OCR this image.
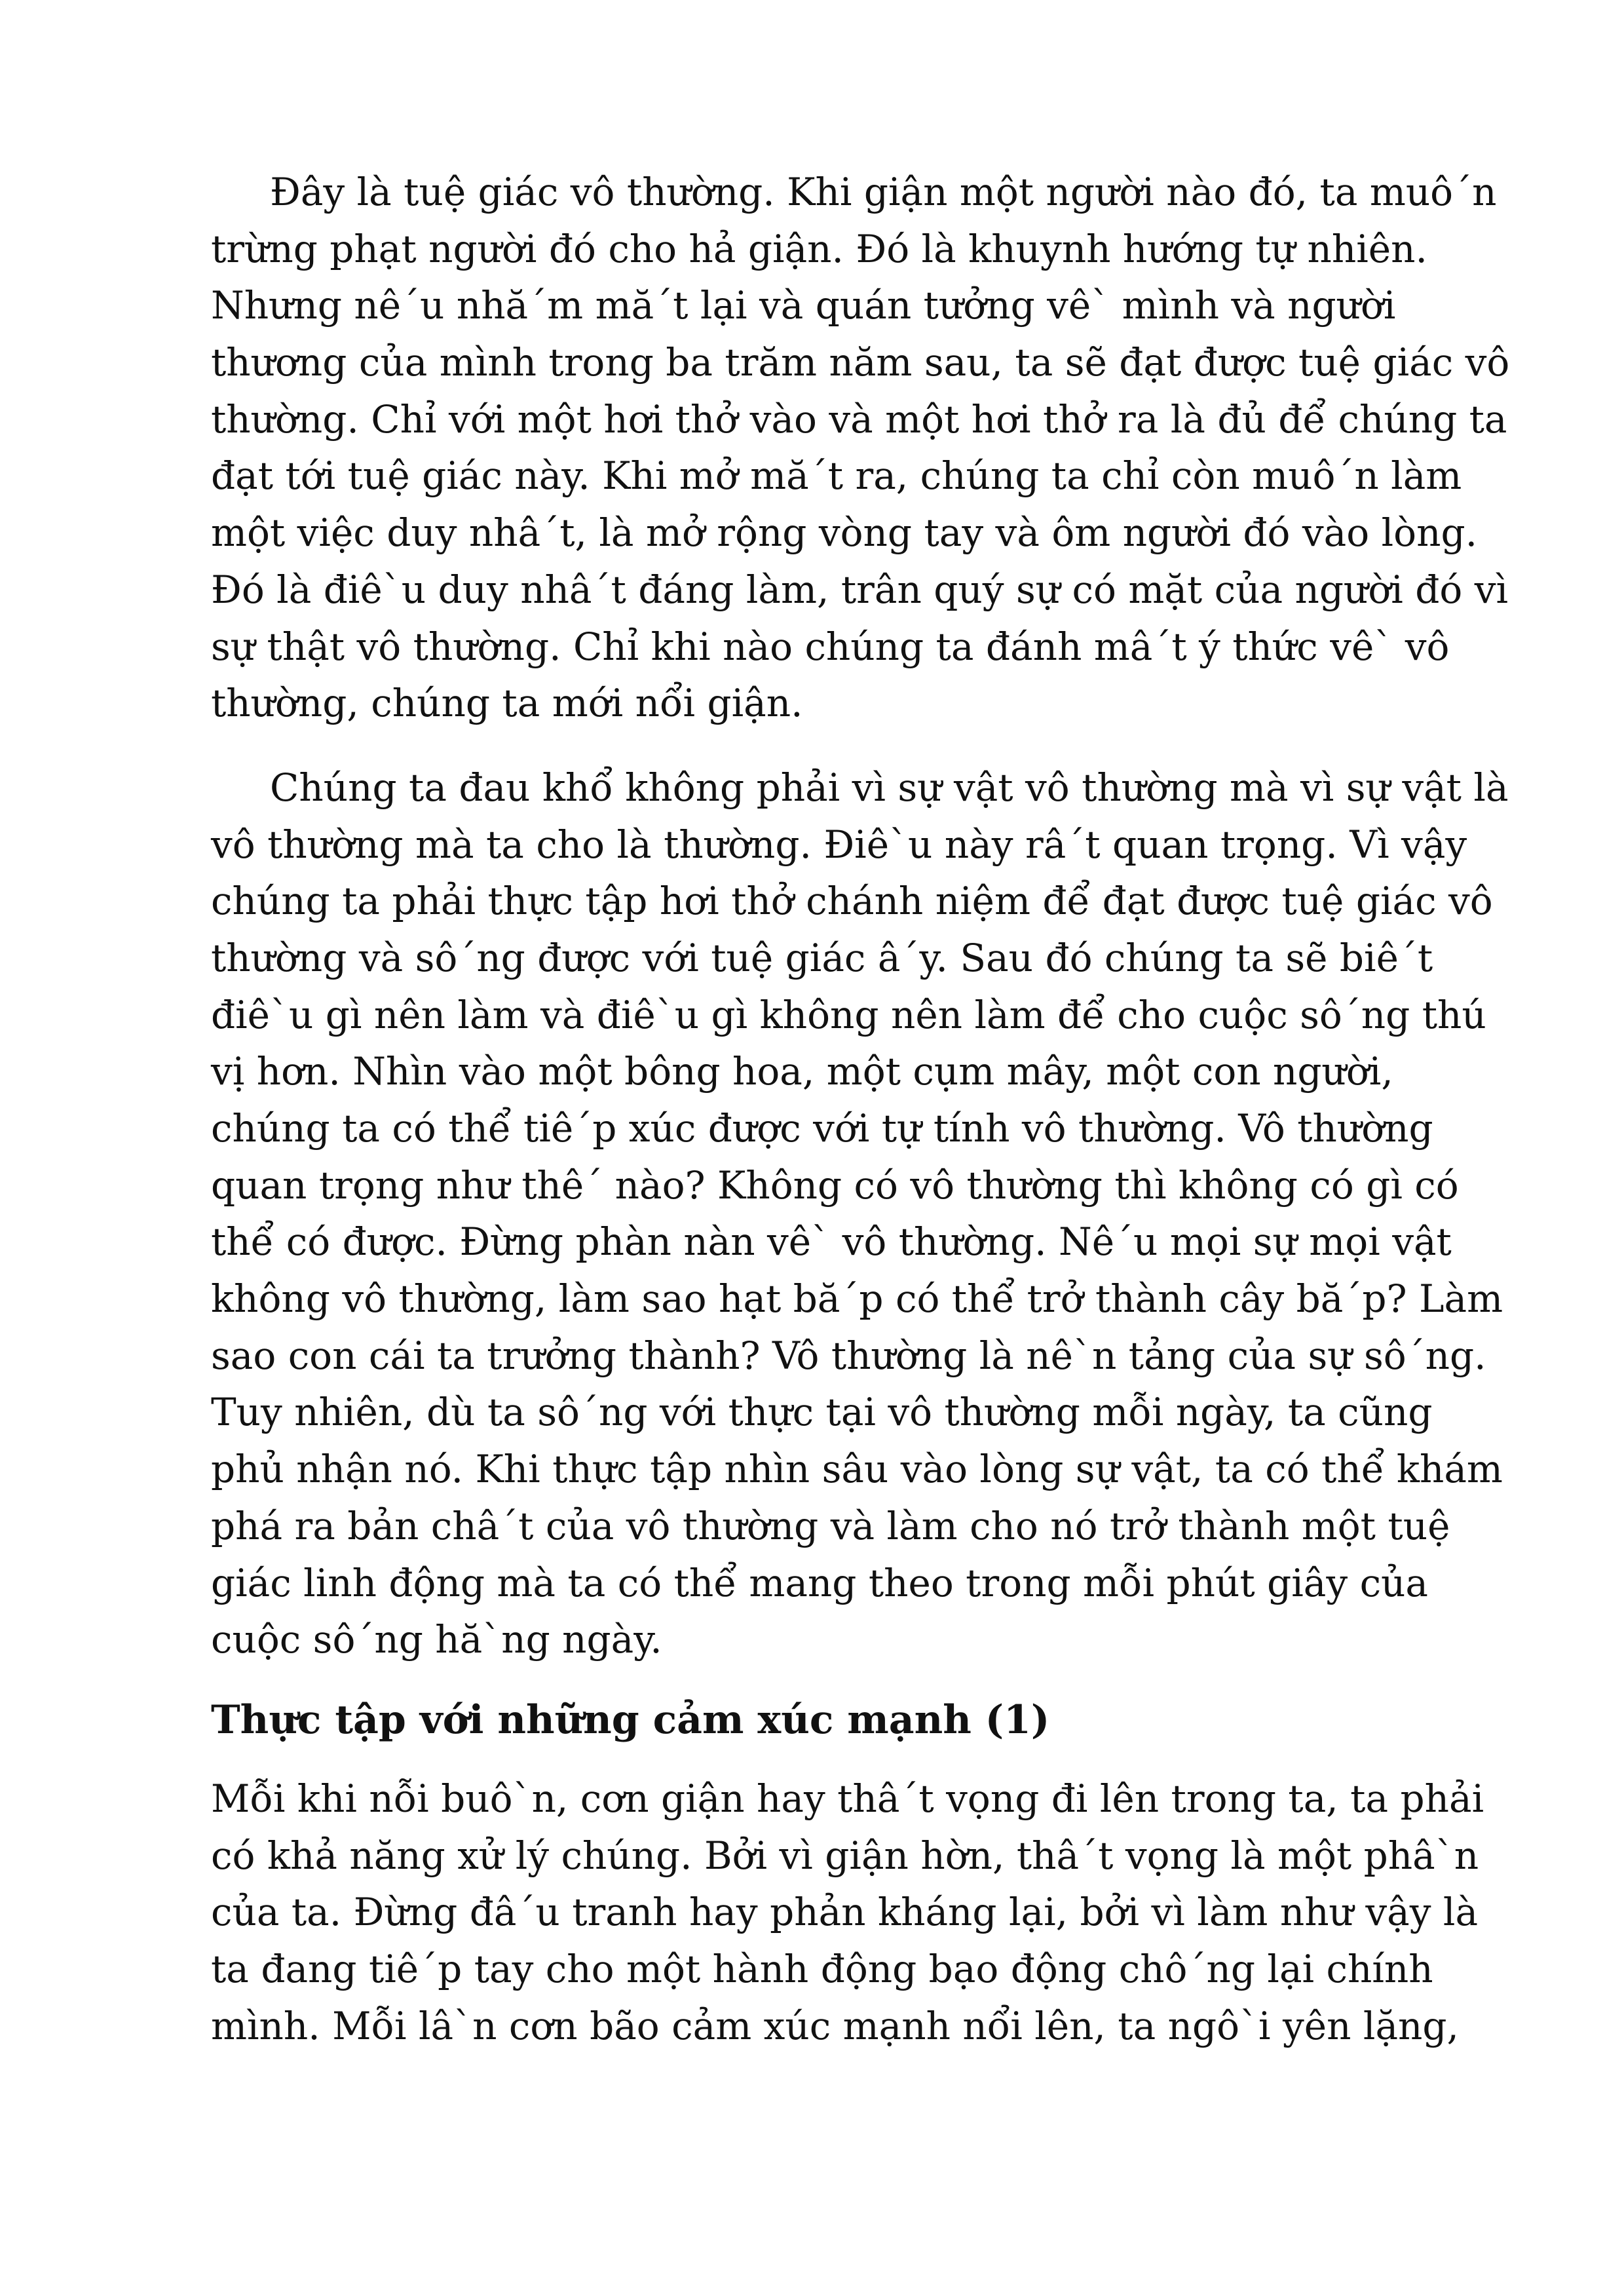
Đây là tuệ giác vô thường. Khi giận một người nào đó, ta muô´n
trừng phạt người đó cho hả giận. Đó là khuynh hướng tự nhiên.
Nhưng nê´u nhă´m mă´t lại và quán tưởng vê` mình và người
thương của mình trong ba trăm năm sau, ta sẽ đạt được tuệ giác vô
thường. Chỉ với một hơi thở vào và một hơi thở ra là đủ để chúng ta
đạt tới tuệ giác này. Khi mở mă´t ra, chúng ta chỉ còn muô´n làm
một việc duy nhâ´t, là mở rộng vòng tay và ôm người đó vào lòng.
Đó là điê`u duy nhâ´t đáng làm, trân quý sự có mặt của người đó vì
sự thật vô thường. Chỉ khi nào chúng ta đánh mâ´t ý thức vê` vô
thường, chúng ta mới nổi giận.
Chúng ta đau khổ không phải vì sự vật vô thường mà vì sự vật là
vô thường mà ta cho là thường. Điê`u này râ´t quan trọng. Vì vậy
chúng ta phải thực tập hơi thở chánh niệm để đạt được tuệ giác vô
thường và sô´ng được với tuệ giác â´y. Sau đó chúng ta sẽ biê´t
điê`u gì nên làm và điê`u gì không nên làm để cho cuộc sô´ng thú
vị hơn. Nhìn vào một bông hoa, một cụm mây, một con người,
chúng ta có thể tiê´p xúc được với tự tính vô thường. Vô thường
quan trọng như thê´ nào? Không có vô thường thì không có gì có
thể có được. Đừng phàn nàn vê` vô thường. Nê´u mọi sự mọi vật
không vô thường, làm sao hạt bă´p có thể trở thành cây bă´p? Làm
sao con cái ta trưởng thành? Vô thường là nê`n tảng của sự sô´ng.
Tuy nhiên, dù ta sô´ng với thực tại vô thường mỗi ngày, ta cũng
phủ nhận nó. Khi thực tập nhìn sâu vào lòng sự vật, ta có thể khám
phá ra bản châ´t của vô thường và làm cho nó trở thành một tuệ
giác linh động mà ta có thể mang theo trong mỗi phút giây của
cuộc sô´ng hă`ng ngày.
Thực tập với những cảm xúc mạnh (1)
Mỗi khi nỗi buô`n, cơn giận hay thâ´t vọng đi lên trong ta, ta phải
có khả năng xử lý chúng. Bởi vì giận hờn, thâ´t vọng là một phâ`n
của ta. Đừng đâ´u tranh hay phản kháng lại, bởi vì làm như vậy là
ta đang tiê´p tay cho một hành động bạo động chô´ng lại chính
mình. Mỗi lâ`n cơn bão cảm xúc mạnh nổi lên, ta ngô`i yên lặng,
